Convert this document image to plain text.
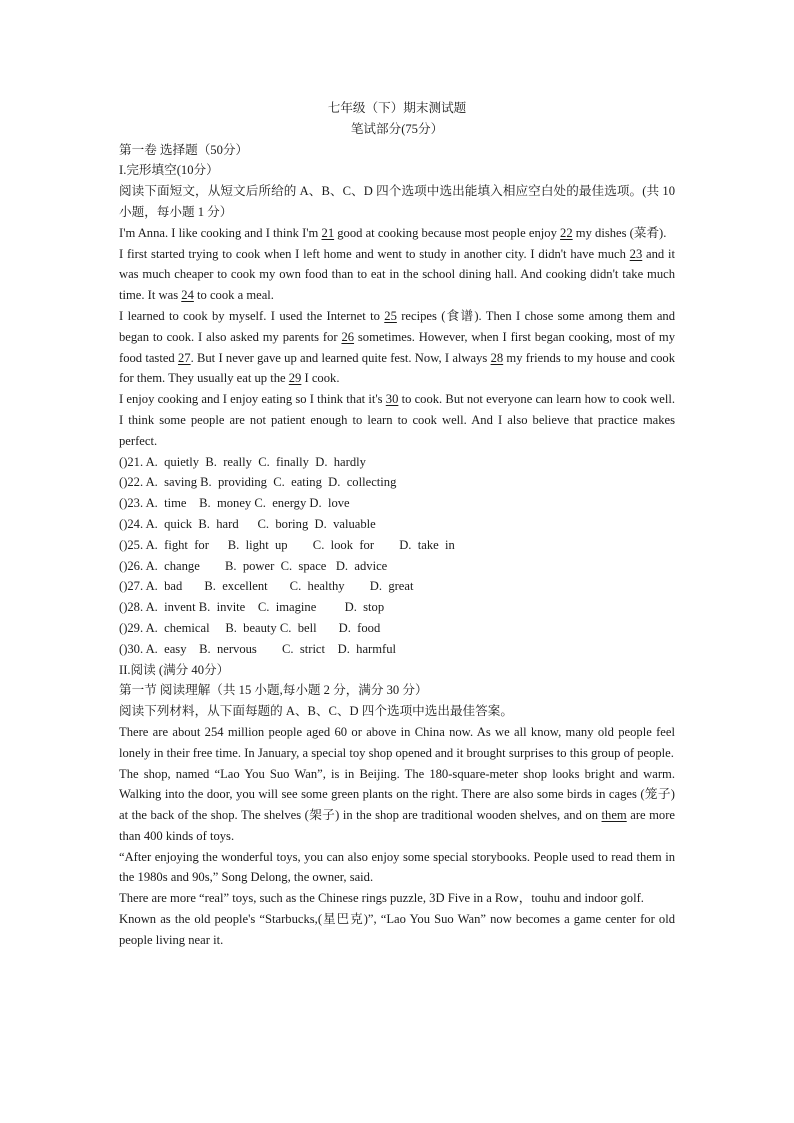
七年级（下）期末测试题
笔试部分(75分）
第一卷 选择题（50分）
I.完形填空(10分）
阅读下面短文，从短文后所给的 A、B、C、D 四个选项中选出能填入相应空白处的最佳选项。(共 10 小题，每小题 1 分）
I'm Anna. I like cooking and I think I'm 21 good at cooking because most people enjoy 22 my dishes (菜肴).
I first started trying to cook when I left home and went to study in another city. I didn't have much 23 and it was much cheaper to cook my own food than to eat in the school dining hall. And cooking didn't take much time. It was 24 to cook a meal.
I learned to cook by myself. I used the Internet to 25 recipes (食谱). Then I chose some among them and began to cook. I also asked my parents for 26 sometimes. However, when I first began cooking, most of my food tasted 27. But I never gave up and learned quite fest. Now, I always 28 my friends to my house and cook for them. They usually eat up the 29 I cook.
I enjoy cooking and I enjoy eating so I think that it's 30 to cook. But not everyone can learn how to cook well. I think some people are not patient enough to learn to cook well. And I also believe that practice makes perfect.
()21. A.  quietly  B.  really  C.  finally  D.  hardly
()22. A.  saving B.  providing  C.  eating  D.  collecting
()23. A.  time    B.  money C.  energy D.  love
()24. A.  quick  B.  hard      C.  boring  D.  valuable
()25. A.  fight  for      B.  light  up        C.  look  for        D.  take  in
()26. A.  change        B.  power  C.  space   D.  advice
()27. A.  bad       B.  excellent       C.  healthy        D.  great
()28. A.  invent B.  invite    C.  imagine         D.  stop
()29. A.  chemical     B.  beauty C.  bell       D.  food
()30. A.  easy    B.  nervous        C.  strict    D.  harmful
II.阅读 (满分 40分）
第一节 阅读理解（共 15 小题,每小题 2 分，满分 30 分）
阅读下列材料，从下面每题的 A、B、C、D 四个选项中选出最佳答案。
There are about 254 million people aged 60 or above in China now. As we all know, many old people feel lonely in their free time. In January, a special toy shop opened and it brought surprises to this group of people.
The shop, named “Lao You Suo Wan”, is in Beijing. The 180-square-meter shop looks bright and warm. Walking into the door, you will see some green plants on the right. There are also some birds in cages (笼子) at the back of the shop. The shelves (架子) in the shop are traditional wooden shelves, and on them are more than 400 kinds of toys.
“After enjoying the wonderful toys, you can also enjoy some special storybooks. People used to read them in the 1980s and 90s,” Song Delong, the owner, said.
There are more “real” toys, such as the Chinese rings puzzle, 3D Five in a Row，touhu and indoor golf.
Known as the old people's “Starbucks,(星巴克)”, “Lao You Suo Wan” now becomes a game center for old people living near it.
